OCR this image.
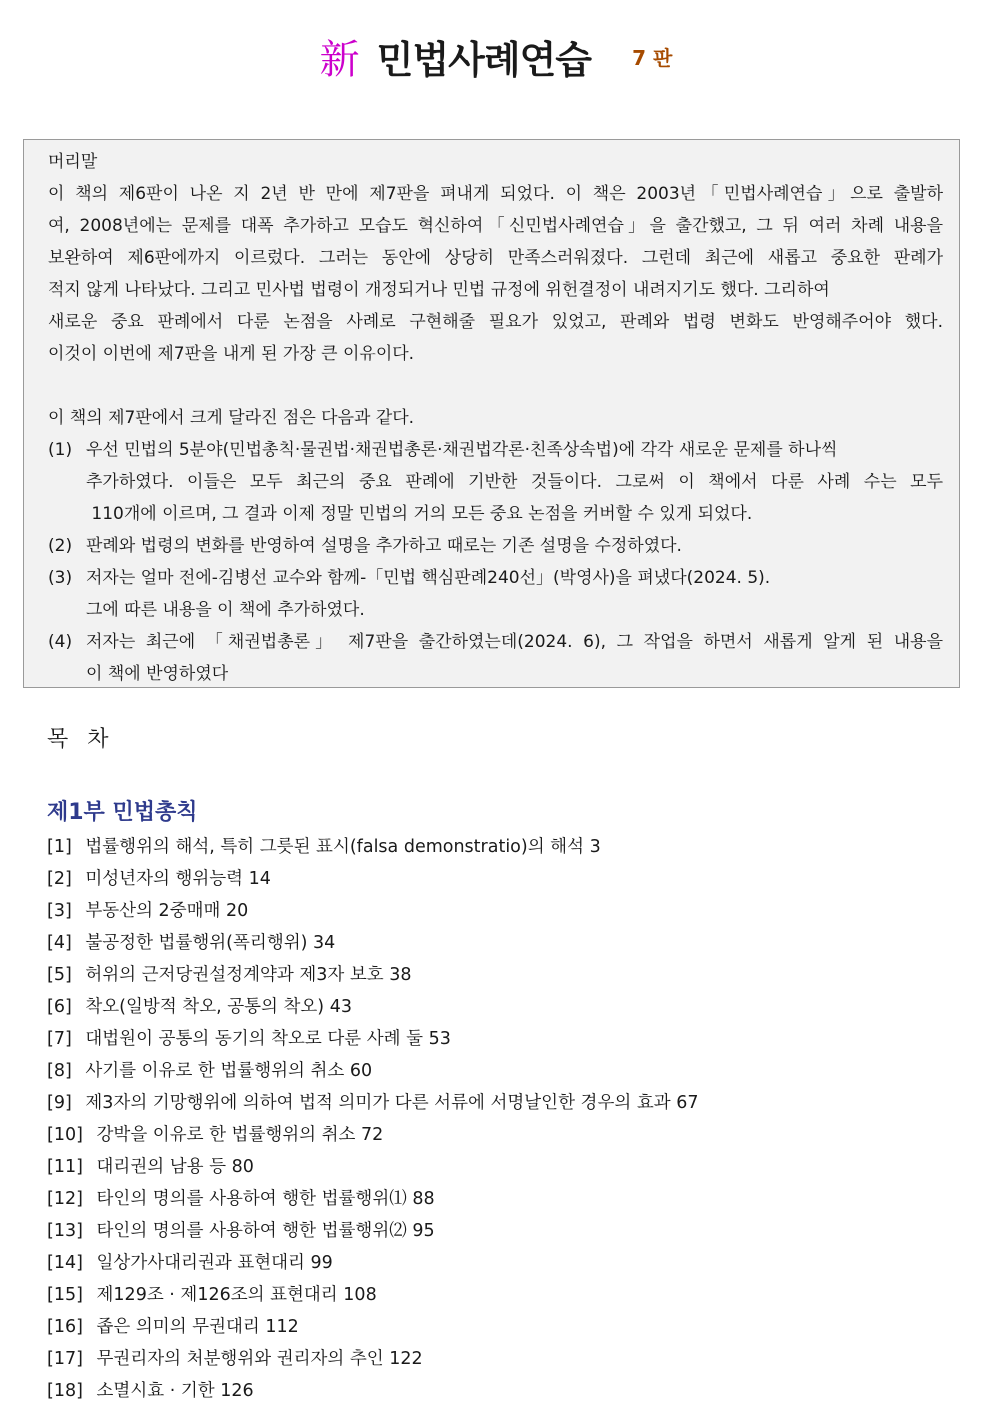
新 민법사례연습 7 판

머리말

이 책의 제6판이 나온 지 2년 반 만에 제7판을 펴내게 되었다. 이 책은 2003년「민법사례연습」으로 출발하

여, 2008년에는 문제를 대폭 추가하고 모습도 혁신하여「신민법사례연습」을 출간했고, 그 뒤 여러 차례 내용을

보완하여 제6판에까지 이르렀다. 그러는 동안에 상당히 만족스러워졌다. 그런데 최근에 새롭고 중요한 판례가

적지 않게 나타났다. 그리고 민사법 법령이 개정되거나 민법 규정에 위헌결정이 내려지기도 했다. 그리하여

새로운 중요 판례에서 다룬 논점을 사례로 구현해줄 필요가 있었고, 판례와 법령 변화도 반영해주어야 했다.

이것이 이번에 제7판을 내게 된 가장 큰 이유이다.

이 책의 제7판에서 크게 달라진 점은 다음과 같다.

(1) 우선 민법의 5분야(민법총칙·물권법·채권법총론·채권법각론·친족상속법)에 각각 새로운 문제를 하나씩

추가하였다. 이들은 모두 최근의 중요 판례에 기반한 것들이다. 그로써 이 책에서 다룬 사례 수는 모두

110개에 이르며, 그 결과 이제 정말 민법의 거의 모든 중요 논점을 커버할 수 있게 되었다.

(2) 판례와 법령의 변화를 반영하여 설명을 추가하고 때로는 기존 설명을 수정하였다.

(3) 저자는 얼마 전에-김병선 교수와 함께-「민법 핵심판례240선」(박영사)을 펴냈다(2024. 5).

그에 따른 내용을 이 책에 추가하였다.

(4) 저자는 최근에 「채권법총론」 제7판을 출간하였는데(2024. 6), 그 작업을 하면서 새롭게 알게 된 내용을

이 책에 반영하였다

목 차
제1부 민법총칙
[1] 법률행위의 해석, 특히 그릇된 표시(falsa demonstratio)의 해석 3
[2] 미성년자의 행위능력 14
[3] 부동산의 2중매매 20
[4] 불공정한 법률행위(폭리행위) 34
[5] 허위의 근저당권설정계약과 제3자 보호 38
[6] 착오(일방적 착오, 공통의 착오) 43
[7] 대법원이 공통의 동기의 착오로 다룬 사례 둘 53
[8] 사기를 이유로 한 법률행위의 취소 60
[9] 제3자의 기망행위에 의하여 법적 의미가 다른 서류에 서명날인한 경우의 효과 67
[10] 강박을 이유로 한 법률행위의 취소 72
[11] 대리권의 남용 등 80
[12] 타인의 명의를 사용하여 행한 법률행위⑴ 88
[13] 타인의 명의를 사용하여 행한 법률행위⑵ 95
[14] 일상가사대리권과 표현대리 99
[15] 제129조 · 제126조의 표현대리 108
[16] 좁은 의미의 무권대리 112
[17] 무권리자의 처분행위와 권리자의 추인 122
[18] 소멸시효 · 기한 126
